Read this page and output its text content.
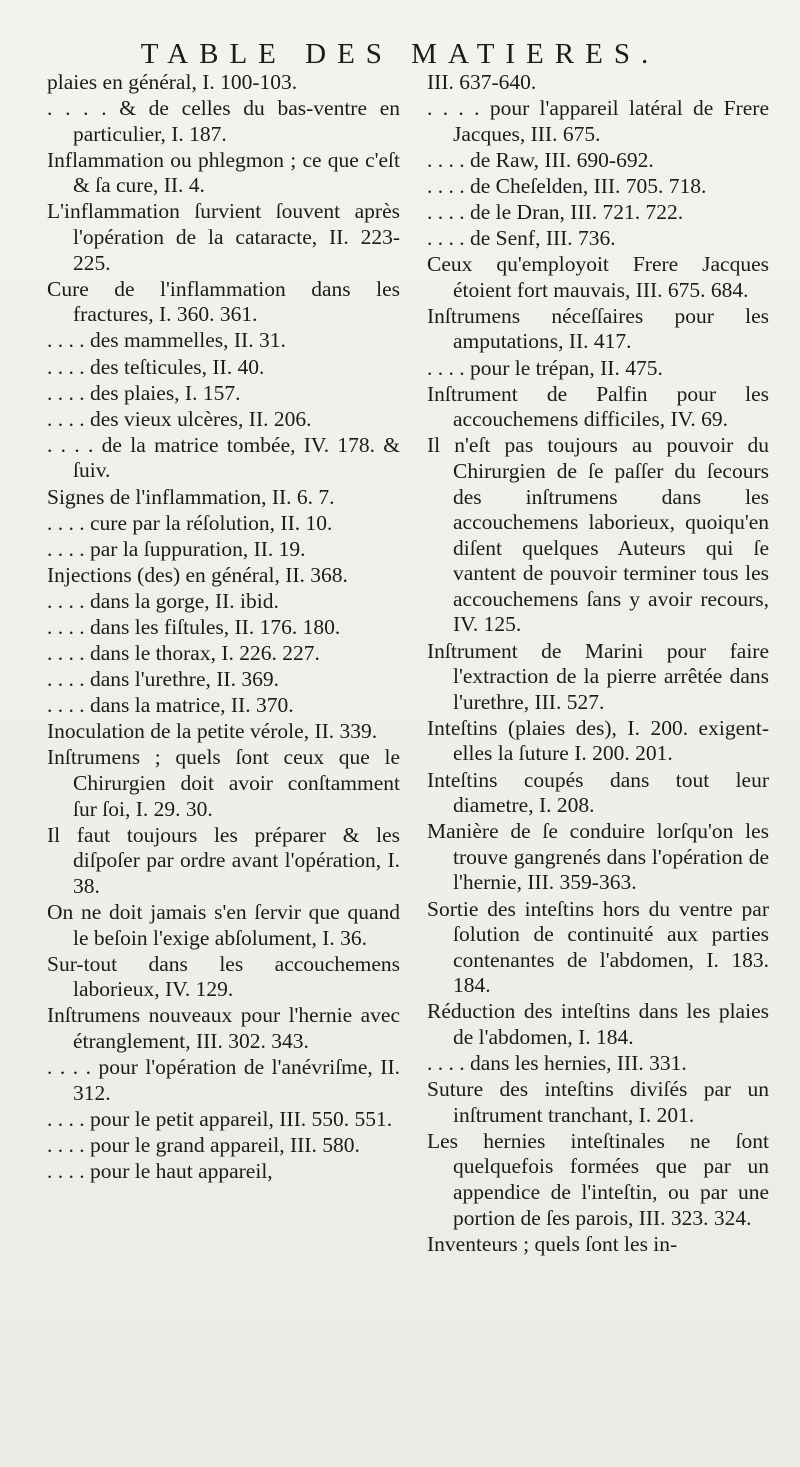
TABLE DES MATIERES.
plaies en général, I. 100-103.
. . . . & de celles du bas-ventre en particulier, I. 187.
Inflammation ou phlegmon ; ce que c'eſt & ſa cure, II. 4.
L'inflammation ſurvient ſouvent après l'opération de la cataracte, II. 223-225.
Cure de l'inflammation dans les fractures, I. 360. 361.
. . . . des mammelles, II. 31.
. . . . des teſticules, II. 40.
. . . . des plaies, I. 157.
. . . . des vieux ulcères, II. 206.
. . . . de la matrice tombée, IV. 178. & ſuiv.
Signes de l'inflammation, II. 6. 7.
. . . . cure par la réſolution, II. 10.
. . . . par la ſuppuration, II. 19.
Injections (des) en général, II. 368.
. . . . dans la gorge, II. ibid.
. . . . dans les fiſtules, II. 176. 180.
. . . . dans le thorax, I. 226. 227.
. . . . dans l'urethre, II. 369.
. . . . dans la matrice, II. 370.
Inoculation de la petite vérole, II. 339.
Inſtrumens ; quels ſont ceux que le Chirurgien doit avoir conſtamment ſur ſoi, I. 29. 30.
Il faut toujours les préparer & les diſpoſer par ordre avant l'opération, I. 38.
On ne doit jamais s'en ſervir que quand le beſoin l'exige abſolument, I. 36.
Sur-tout dans les accouchemens laborieux, IV. 129.
Inſtrumens nouveaux pour l'hernie avec étranglement, III. 302. 343.
. . . . pour l'opération de l'anévriſme, II. 312.
. . . . pour le petit appareil, III. 550. 551.
. . . . pour le grand appareil, III. 580.
. . . . pour le haut appareil,
III. 637-640.
. . . . pour l'appareil latéral de Frere Jacques, III. 675.
. . . . de Raw, III. 690-692.
. . . . de Cheſelden, III. 705. 718.
. . . . de le Dran, III. 721. 722.
. . . . de Senf, III. 736.
Ceux qu'employoit Frere Jacques étoient fort mauvais, III. 675. 684.
Inſtrumens néceſſaires pour les amputations, II. 417.
. . . . pour le trépan, II. 475.
Inſtrument de Palfin pour les accouchemens difficiles, IV. 69.
Il n'eſt pas toujours au pouvoir du Chirurgien de ſe paſſer du ſecours des inſtrumens dans les accouchemens laborieux, quoiqu'en diſent quelques Auteurs qui ſe vantent de pouvoir terminer tous les accouchemens ſans y avoir recours, IV. 125.
Inſtrument de Marini pour faire l'extraction de la pierre arrêtée dans l'urethre, III. 527.
Inteſtins (plaies des), I. 200. exigent-elles la ſuture I. 200. 201.
Inteſtins coupés dans tout leur diametre, I. 208.
Manière de ſe conduire lorſqu'on les trouve gangrenés dans l'opération de l'hernie, III. 359-363.
Sortie des inteſtins hors du ventre par ſolution de continuité aux parties contenantes de l'abdomen, I. 183. 184.
Réduction des inteſtins dans les plaies de l'abdomen, I. 184.
. . . . dans les hernies, III. 331.
Suture des inteſtins diviſés par un inſtrument tranchant, I. 201.
Les hernies inteſtinales ne ſont quelquefois formées que par un appendice de l'inteſtin, ou par une portion de ſes parois, III. 323. 324.
Inventeurs ; quels ſont les in-
